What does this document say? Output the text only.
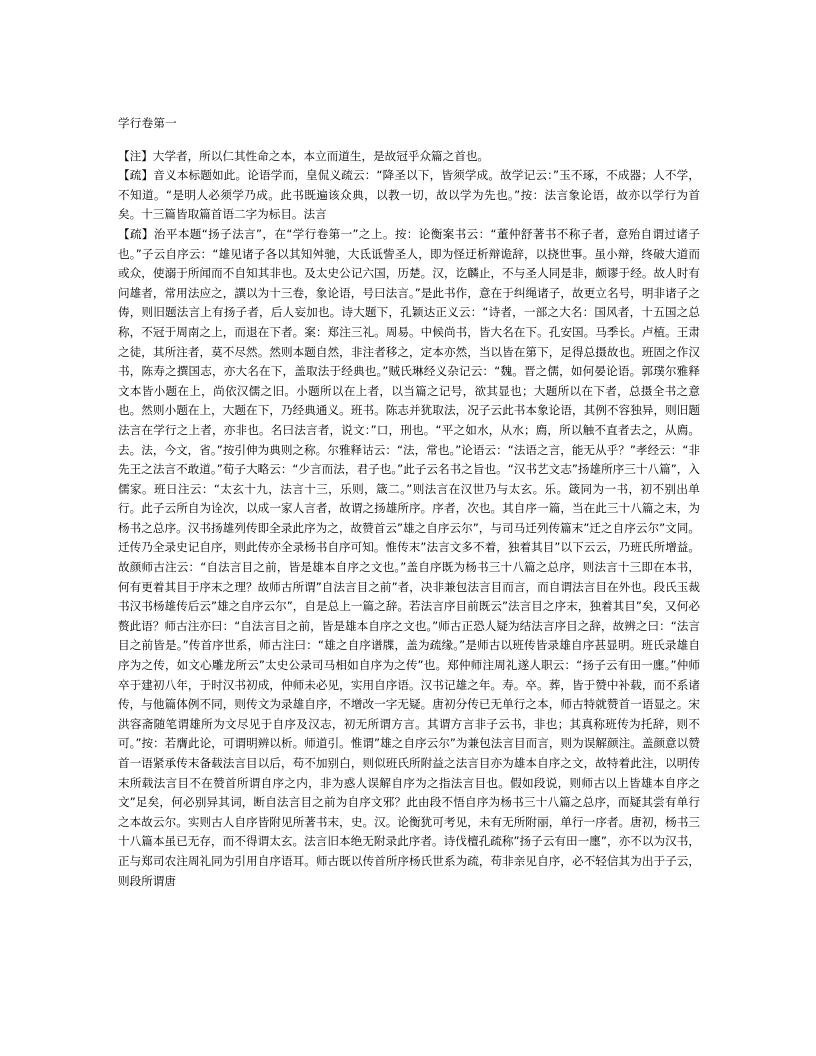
学行卷第一

【注】大学者，所以仁其性命之本，本立而道生，是故冠乎众篇之首也。

【疏】音义本标题如此。论语学而，皇侃义疏云：“降圣以下，皆须学成。故学记云：”玉不琢，不成器；人不学，不知道。“是明人必须学乃成。此书既遍该众典，以教一切，故以学为先也。”按：法言象论语，故亦以学行为首矣。十三篇皆取篇首语二字为标目。法言

【疏】治平本题“扬子法言”，在“学行卷第一”之上。按：论衡案书云：“董仲舒著书不称子者，意殆自谓过诸子也。”子云自序云：“雄见诸子各以其知舛驰，大氐诋訾圣人，即为怪迂析辩诡辞，以挠世事。虽小辩，终破大道而或众，使溺于所闻而不自知其非也。及太史公记六国，历楚。汉，讫麟止，不与圣人同是非，颇谬于经。故人时有问雄者，常用法应之，譔以为十三卷，象论语，号曰法言。”是此书作，意在于纠绳诸子，故更立名号，明非诸子之俦，则旧题法言上有扬子者，后人妄加也。诗大题下，孔颖达正义云：“诗者，一部之大名：国风者，十五国之总称，不冠于周南之上，而退在下者。案：郑注三礼。周易。中候尚书，皆大名在下。孔安国。马季长。卢植。王肃之徒，其所注者，莫不尽然。然则本题自然，非注者移之，定本亦然，当以皆在第下，足得总摄故也。班固之作汉书，陈寿之撰国志，亦大名在下，盖取法于经典也。”贼氏琳经义杂记云：“魏。晋之儒，如何晏论语。郭璞尔雅释文本皆小题在上，尚依汉儒之旧。小题所以在上者，以当篇之记号，欲其显也；大题所以在下者，总摄全书之意也。然则小题在上，大题在下，乃经典通义。班书。陈志并犹取法，况子云此书本象论语，其例不容独异，则旧题法言在学行之上者，亦非也。名曰法言者，说文：”口，刑也。“平之如水，从水；廌，所以触不直者去之，从廌。去。法，今文，省。”按引伸为典则之称。尔雅释诂云：“法，常也。”论语云：“法语之言，能无从乎？”孝经云：“非先王之法言不敢道。”荀子大略云：“少言而法，君子也。”此子云名书之旨也。“汉书艺文志”扬雄所序三十八篇”，入儒家。班日注云：“太玄十九，法言十三，乐则，箴二。”则法言在汉世乃与太玄。乐。箴同为一书，初不别出单行。此子云所自为诠次，以成一家人言者，故谓之扬雄所序。序者，次也。其自序一篇，当在此三十八篇之末，为杨书之总序。汉书扬雄列传即全录此序为之，故赞首云”雄之自序云尔”，与司马迁列传篇末”迁之自序云尔”文同。迁传乃全录史记自序，则此传亦全录杨书自序可知。惟传末”法言文多不着，独着其目”以下云云，乃班氏所增益。故颜师古注云：“自法言目之前，皆是雄本自序之文也。”盖自序既为杨书三十八篇之总序，则法言十三即在本书，何有更着其目于序末之理？故师古所谓”自法言目之前”者，决非兼包法言目而言，而自谓法言目在外也。段氏玉裁书汉书杨雄传后云”雄之自序云尔”，自是总上一篇之辞。若法言序目前既云”法言目之序末，独着其目”矣，又何必赘此语？师古注亦曰：“自法言目之前，皆是雄本自序之文也。”师古正恐人疑为结法言序目之辞，故辨之曰：“法言目之前皆是。”传首序世系，师古注曰：“雄之自序谱牒，盖为疏缘。”是师古以班传皆录雄自序甚显明。班氏录雄自序为之传，如文心雕龙所云”太史公录司马相如自序为之传”也。郑仲师注周礼遂人职云：“扬子云有田一廛。”仲师卒于建初八年，于时汉书初成，仲师未必见，实用自序语。汉书记雄之年。寿。卒。葬，皆于赞中补载，而不系诸传，与他篇体例不同，则传文为录雄自序，不增改一字无疑。唐初分传已无单行之本，师古特就赞首一语显之。宋洪容斋随笔谓雄所为文尽见于自序及汉志，初无所谓方言。其谓方言非子云书，非也；其真称班传为托辞，则不可。”按：若膺此论，可谓明辨以析。师道引。惟谓”雄之自序云尔”为兼包法言目而言，则为误解颜注。盖颜意以赞首一语紧承传末备载法言目以后，苟不加别白，则似班氏所附益之法言目亦为雄本自序之文，故特着此注，以明传末所载法言目不在赞首所谓自序之内，非为惑人误解自序为之指法言目也。假如段说，则师古以上皆雄本自序之文”足矣，何必别异其词，断自法言目之前为自序文邪？此由段不悟自序为杨书三十八篇之总序，而疑其尝有单行之本故云尔。实则古人自序皆附见所著书末，史。汉。论衡犹可考见，未有无所附丽，单行一序者。唐初，杨书三十八篇本虽已无存，而不得谓太玄。法言旧本绝无附录此序者。诗伐檀孔疏称”扬子云有田一廛”，亦不以为汉书，正与郑司农注周礼同为引用自序语耳。师古既以传首所序杨氏世系为疏，苟非亲见自序，必不轻信其为出于子云，则段所谓唐
